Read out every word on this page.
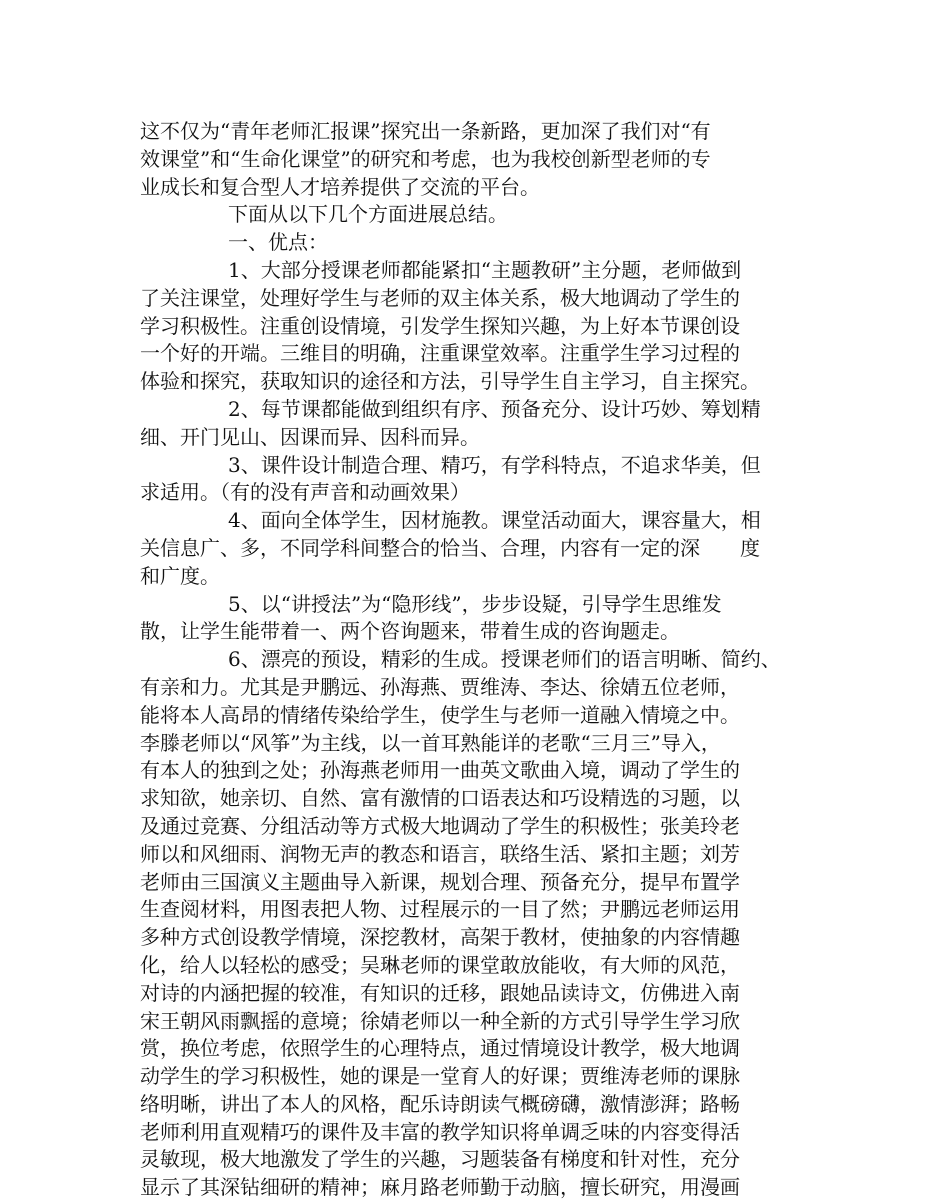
这不仅为“青年老师汇报课”探究出一条新路，更加深了我们对“有
效课堂”和“生命化课堂”的研究和考虑，也为我校创新型老师的专
业成长和复合型人才培养提供了交流的平台。
下面从以下几个方面进展总结。
一、优点：
1、大部分授课老师都能紧扣“主题教研”主分题，老师做到
了关注课堂，处理好学生与老师的双主体关系，极大地调动了学生的
学习积极性。注重创设情境，引发学生探知兴趣，为上好本节课创设
一个好的开端。三维目的明确，注重课堂效率。注重学生学习过程的
体验和探究，获取知识的途径和方法，引导学生自主学习，自主探究。
2、每节课都能做到组织有序、预备充分、设计巧妙、筹划精
细、开门见山、因课而异、因科而异。
3、课件设计制造合理、精巧，有学科特点，不追求华美，但
求适用。（有的没有声音和动画效果）
4、面向全体学生，因材施教。课堂活动面大，课容量大，相
关信息广、多，不同学科间整合的恰当、合理，内容有一定的深　　度
和广度。
5、以“讲授法”为“隐形线”，步步设疑，引导学生思维发
散，让学生能带着一、两个咨询题来，带着生成的咨询题走。
6、漂亮的预设，精彩的生成。授课老师们的语言明晰、简约、
有亲和力。尤其是尹鹏远、孙海燕、贾维涛、李达、徐婧五位老师，
能将本人高昂的情绪传染给学生，使学生与老师一道融入情境之中。
李滕老师以“风筝”为主线，以一首耳熟能详的老歌“三月三”导入，
有本人的独到之处；孙海燕老师用一曲英文歌曲入境，调动了学生的
求知欲，她亲切、自然、富有激情的口语表达和巧设精选的习题，以
及通过竞赛、分组活动等方式极大地调动了学生的积极性；张美玲老
师以和风细雨、润物无声的教态和语言，联络生活、紧扣主题；刘芳
老师由三国演义主题曲导入新课，规划合理、预备充分，提早布置学
生查阅材料，用图表把人物、过程展示的一目了然；尹鹏远老师运用
多种方式创设教学情境，深挖教材，高架于教材，使抽象的内容情趣
化，给人以轻松的感受；吴琳老师的课堂敢放能收，有大师的风范，
对诗的内涵把握的较准，有知识的迁移，跟她品读诗文，仿佛进入南
宋王朝风雨飘摇的意境；徐婧老师以一种全新的方式引导学生学习欣
赏，换位考虑，依照学生的心理特点，通过情境设计教学，极大地调
动学生的学习积极性，她的课是一堂育人的好课；贾维涛老师的课脉
络明晰，讲出了本人的风格，配乐诗朗读气概磅礴，激情澎湃；路畅
老师利用直观精巧的课件及丰富的教学知识将单调乏味的内容变得活
灵敏现，极大地激发了学生的兴趣，习题装备有梯度和针对性，充分
显示了其深钻细研的精神；麻月路老师勤于动脑，擅长研究，用漫画
